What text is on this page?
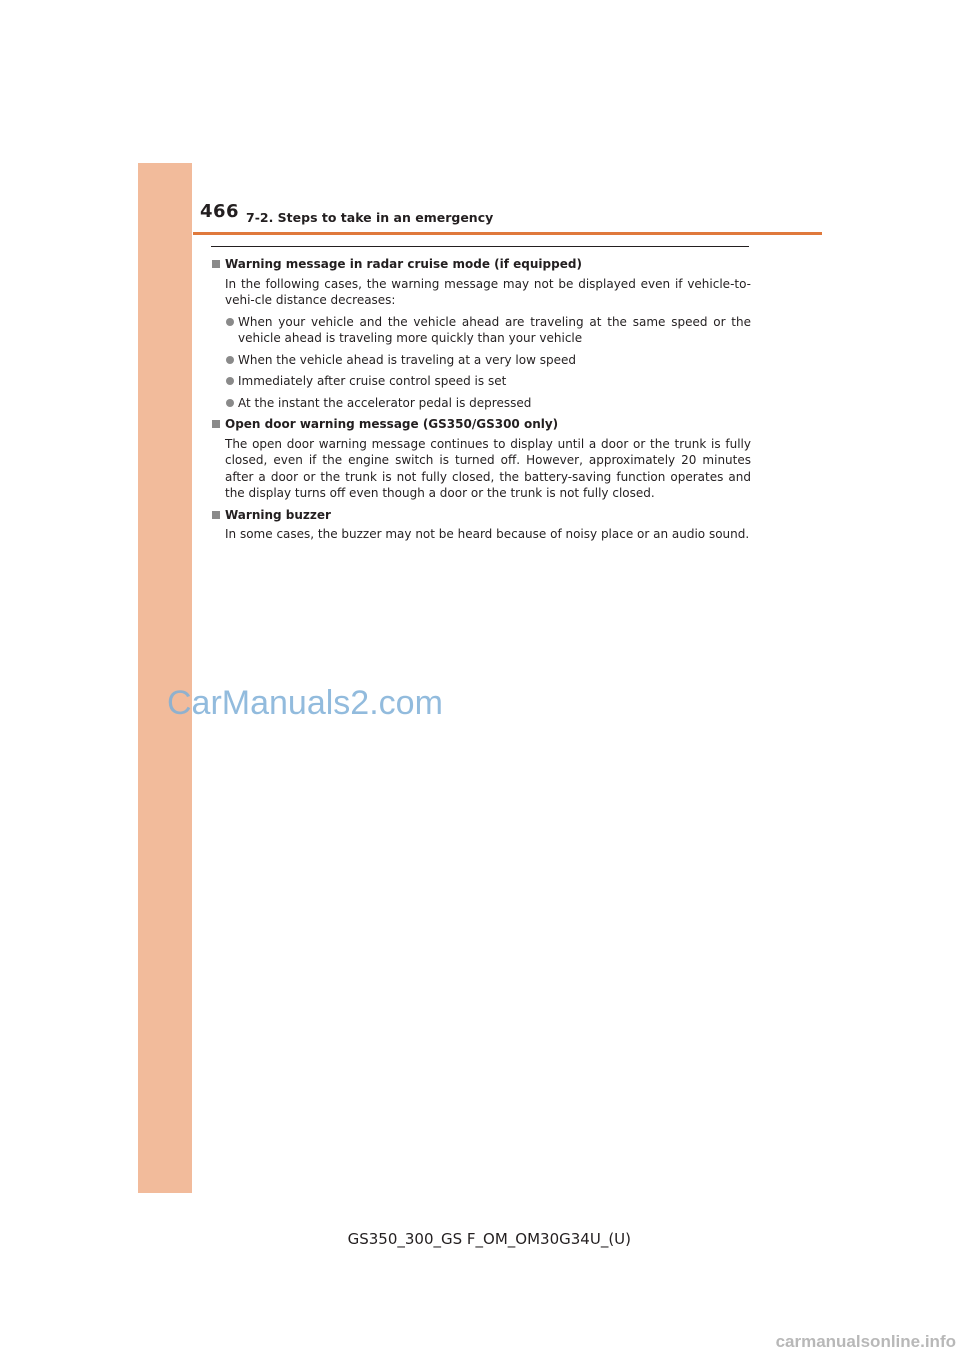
466 7-2. Steps to take in an emergency
Warning message in radar cruise mode (if equipped)

In the following cases, the warning message may not be displayed even if vehicle-to-vehi-cle distance decreases:

When your vehicle and the vehicle ahead are traveling at the same speed or the vehicle ahead is traveling more quickly than your vehicle
When the vehicle ahead is traveling at a very low speed
Immediately after cruise control speed is set
At the instant the accelerator pedal is depressed
Open door warning message (GS350/GS300 only)

The open door warning message continues to display until a door or the trunk is fully closed, even if the engine switch is turned off. However, approximately 20 minutes after a door or the trunk is not fully closed, the battery-saving function operates and the display turns off even though a door or the trunk is not fully closed.

Warning buzzer

In some cases, the buzzer may not be heard because of noisy place or an audio sound.

CarManuals2.com
GS350_300_GS F_OM_OM30G34U_(U)
carmanualsonline.info
